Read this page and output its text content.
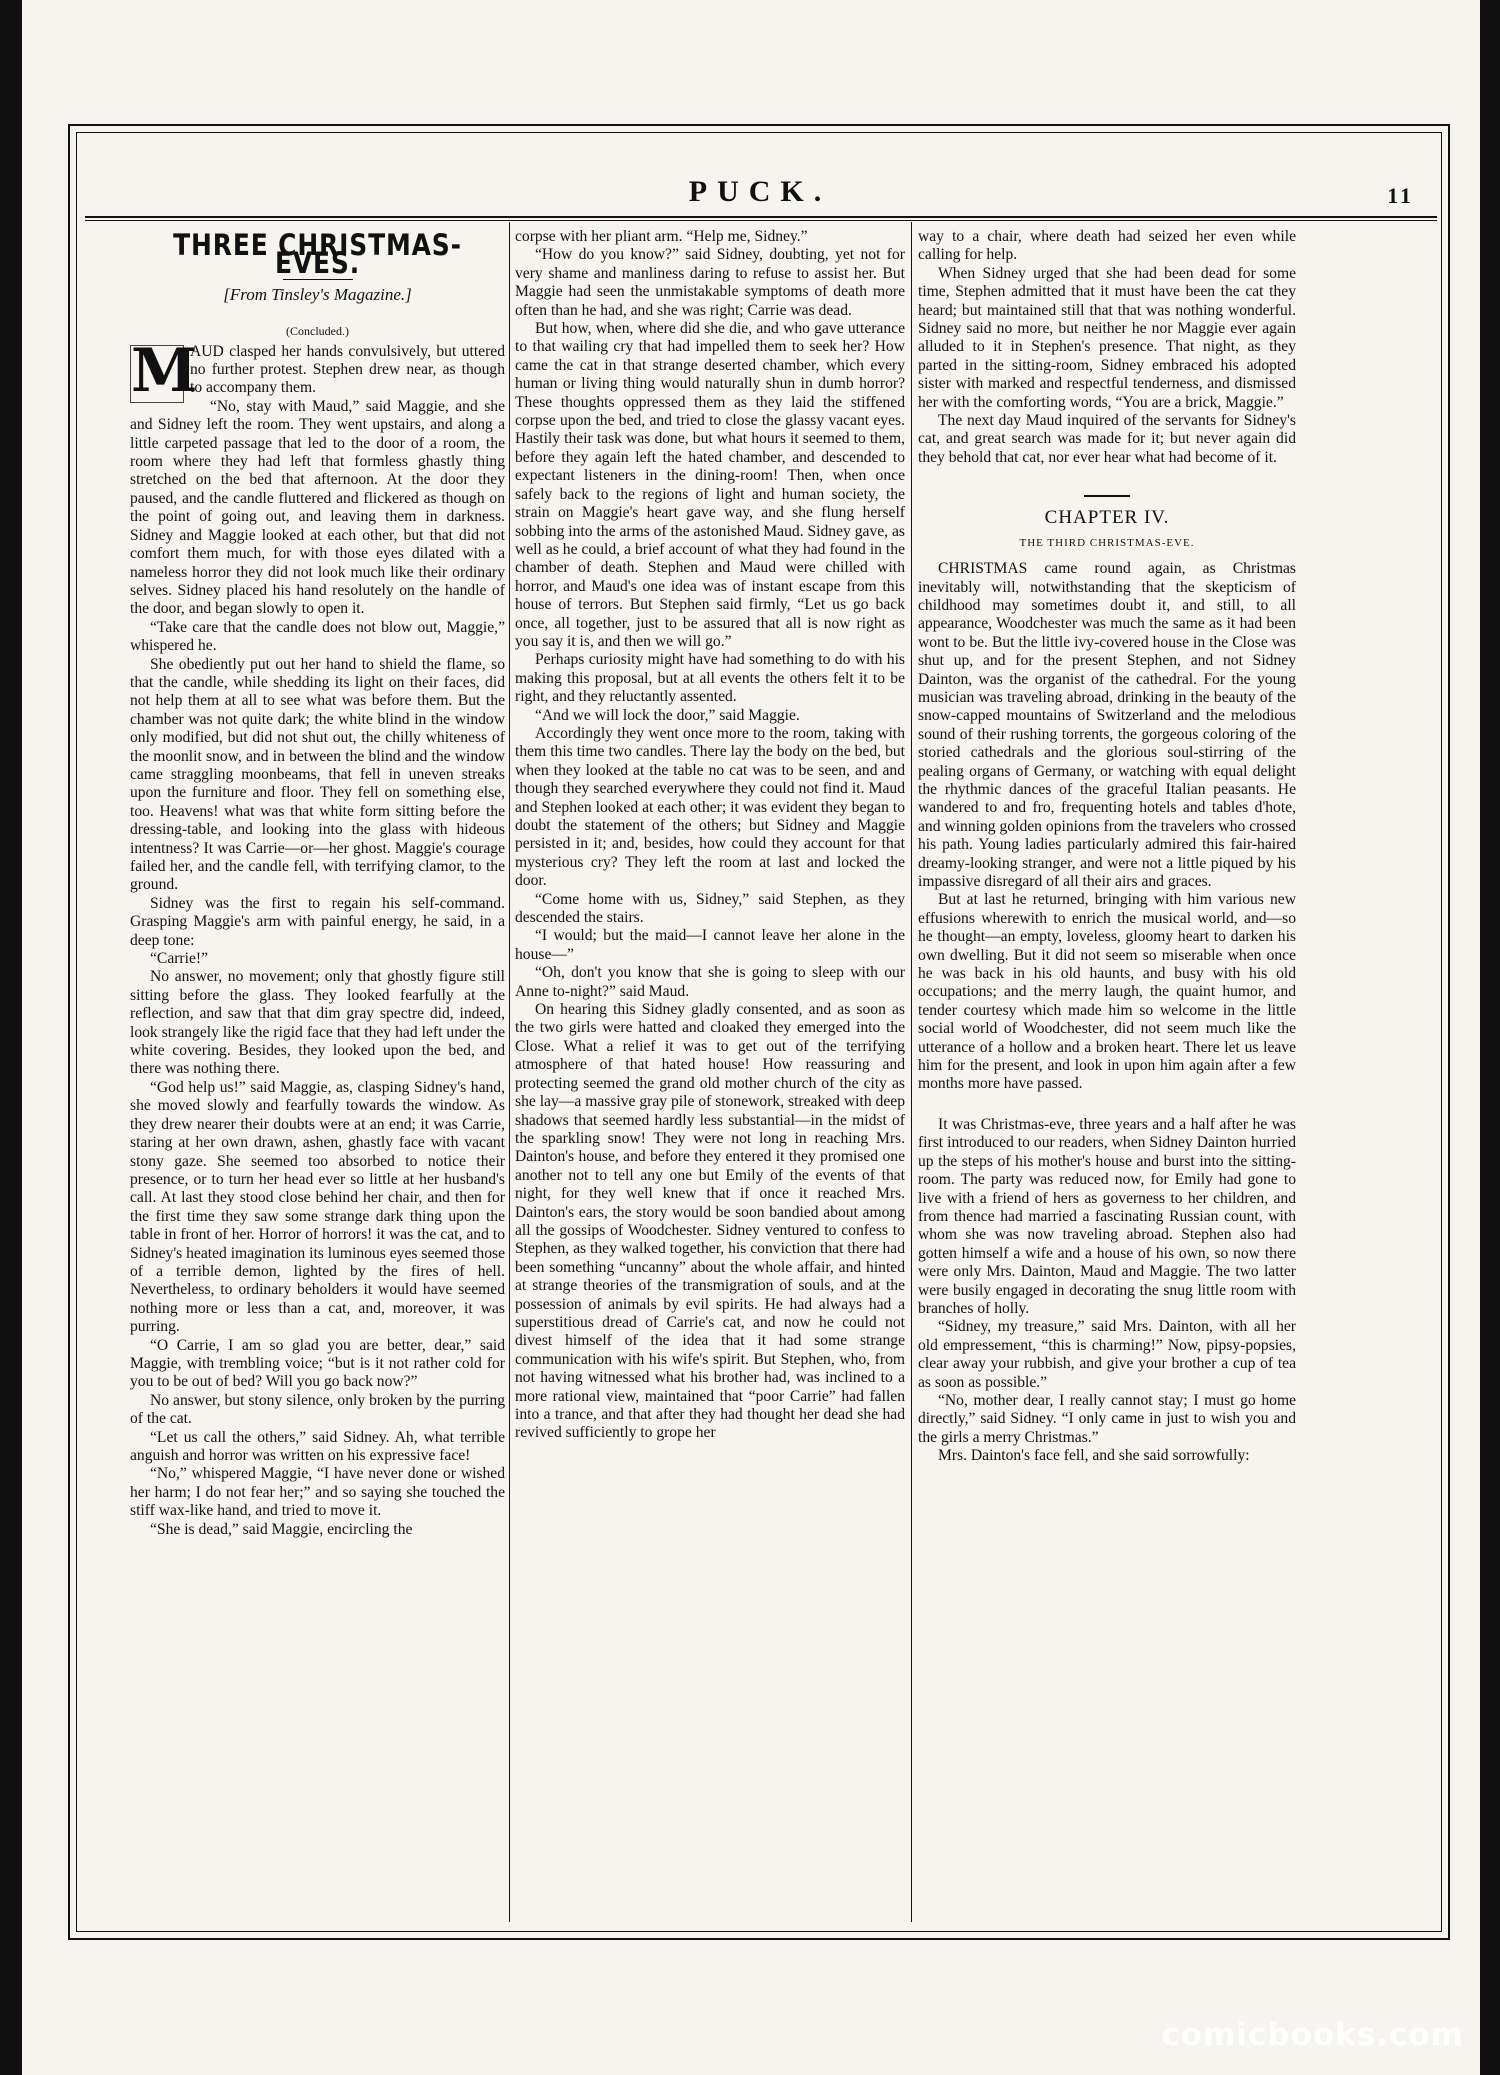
PUCK.	11
THREE CHRISTMAS-EVES.
[From Tinsley's Magazine.]
(Concluded.)
M
AUD clasped her hands convulsively, but uttered no further protest. Stephen drew near, as though to accompany them.

“No, stay with Maud,” said Maggie, and she and Sidney left the room. They went upstairs, and along a little carpeted passage that led to the door of a room, the room where they had left that formless ghastly thing stretched on the bed that afternoon. At the door they paused, and the candle fluttered and flickered as though on the point of going out, and leaving them in darkness. Sidney and Maggie looked at each other, but that did not comfort them much, for with those eyes dilated with a nameless horror they did not look much like their ordinary selves. Sidney placed his hand resolutely on the handle of the door, and began slowly to open it.

“Take care that the candle does not blow out, Maggie,” whispered he.

She obediently put out her hand to shield the flame, so that the candle, while shedding its light on their faces, did not help them at all to see what was before them. But the chamber was not quite dark; the white blind in the window only modified, but did not shut out, the chilly whiteness of the moonlit snow, and in between the blind and the window came straggling moonbeams, that fell in uneven streaks upon the furniture and floor. They fell on something else, too. Heavens! what was that white form sitting before the dressing-table, and looking into the glass with hideous intentness? It was Carrie—or—her ghost. Maggie's courage failed her, and the candle fell, with terrifying clamor, to the ground.

Sidney was the first to regain his self-command. Grasping Maggie's arm with painful energy, he said, in a deep tone:

“Carrie!”

No answer, no movement; only that ghostly figure still sitting before the glass. They looked fearfully at the reflection, and saw that that dim gray spectre did, indeed, look strangely like the rigid face that they had left under the white covering. Besides, they looked upon the bed, and there was nothing there.

“God help us!” said Maggie, as, clasping Sidney's hand, she moved slowly and fearfully towards the window. As they drew nearer their doubts were at an end; it was Carrie, staring at her own drawn, ashen, ghastly face with vacant stony gaze. She seemed too absorbed to notice their presence, or to turn her head ever so little at her husband's call. At last they stood close behind her chair, and then for the first time they saw some strange dark thing upon the table in front of her. Horror of horrors! it was the cat, and to Sidney's heated imagination its luminous eyes seemed those of a terrible demon, lighted by the fires of hell. Nevertheless, to ordinary beholders it would have seemed nothing more or less than a cat, and, moreover, it was purring.

“O Carrie, I am so glad you are better, dear,” said Maggie, with trembling voice; “but is it not rather cold for you to be out of bed? Will you go back now?”

No answer, but stony silence, only broken by the purring of the cat.

“Let us call the others,” said Sidney. Ah, what terrible anguish and horror was written on his expressive face!

“No,” whispered Maggie, “I have never done or wished her harm; I do not fear her;” and so saying she touched the stiff wax-like hand, and tried to move it.

“She is dead,” said Maggie, encircling the

corpse with her pliant arm. “Help me, Sidney.”

“How do you know?” said Sidney, doubting, yet not for very shame and manliness daring to refuse to assist her. But Maggie had seen the unmistakable symptoms of death more often than he had, and she was right; Carrie was dead.

But how, when, where did she die, and who gave utterance to that wailing cry that had impelled them to seek her? How came the cat in that strange deserted chamber, which every human or living thing would naturally shun in dumb horror? These thoughts oppressed them as they laid the stiffened corpse upon the bed, and tried to close the glassy vacant eyes. Hastily their task was done, but what hours it seemed to them, before they again left the hated chamber, and descended to expectant listeners in the dining-room! Then, when once safely back to the regions of light and human society, the strain on Maggie's heart gave way, and she flung herself sobbing into the arms of the astonished Maud. Sidney gave, as well as he could, a brief account of what they had found in the chamber of death. Stephen and Maud were chilled with horror, and Maud's one idea was of instant escape from this house of terrors. But Stephen said firmly, “Let us go back once, all together, just to be assured that all is now right as you say it is, and then we will go.”

Perhaps curiosity might have had something to do with his making this proposal, but at all events the others felt it to be right, and they reluctantly assented.

“And we will lock the door,” said Maggie.

Accordingly they went once more to the room, taking with them this time two candles. There lay the body on the bed, but when they looked at the table no cat was to be seen, and and though they searched everywhere they could not find it. Maud and Stephen looked at each other; it was evident they began to doubt the statement of the others; but Sidney and Maggie persisted in it; and, besides, how could they account for that mysterious cry? They left the room at last and locked the door.

“Come home with us, Sidney,” said Stephen, as they descended the stairs.

“I would; but the maid—I cannot leave her alone in the house—”

“Oh, don't you know that she is going to sleep with our Anne to-night?” said Maud.

On hearing this Sidney gladly consented, and as soon as the two girls were hatted and cloaked they emerged into the Close. What a relief it was to get out of the terrifying atmosphere of that hated house! How reassuring and protecting seemed the grand old mother church of the city as she lay—a massive gray pile of stonework, streaked with deep shadows that seemed hardly less substantial—in the midst of the sparkling snow! They were not long in reaching Mrs. Dainton's house, and before they entered it they promised one another not to tell any one but Emily of the events of that night, for they well knew that if once it reached Mrs. Dainton's ears, the story would be soon bandied about among all the gossips of Woodchester. Sidney ventured to confess to Stephen, as they walked together, his conviction that there had been something “uncanny” about the whole affair, and hinted at strange theories of the transmigration of souls, and at the possession of animals by evil spirits. He had always had a superstitious dread of Carrie's cat, and now he could not divest himself of the idea that it had some strange communication with his wife's spirit. But Stephen, who, from not having witnessed what his brother had, was inclined to a more rational view, maintained that “poor Carrie” had fallen into a trance, and that after they had thought her dead she had revived sufficiently to grope her

way to a chair, where death had seized her even while calling for help.

When Sidney urged that she had been dead for some time, Stephen admitted that it must have been the cat they heard; but maintained still that that was nothing wonderful. Sidney said no more, but neither he nor Maggie ever again alluded to it in Stephen's presence. That night, as they parted in the sitting-room, Sidney embraced his adopted sister with marked and respectful tenderness, and dismissed her with the comforting words, “You are a brick, Maggie.”

The next day Maud inquired of the servants for Sidney's cat, and great search was made for it; but never again did they behold that cat, nor ever hear what had become of it.

CHAPTER IV.
THE THIRD CHRISTMAS-EVE.

CHRISTMAS came round again, as Christmas inevitably will, notwithstanding that the skepticism of childhood may sometimes doubt it, and still, to all appearance, Woodchester was much the same as it had been wont to be. But the little ivy-covered house in the Close was shut up, and for the present Stephen, and not Sidney Dainton, was the organist of the cathedral. For the young musician was traveling abroad, drinking in the beauty of the snow-capped mountains of Switzerland and the melodious sound of their rushing torrents, the gorgeous coloring of the storied cathedrals and the glorious soul-stirring of the pealing organs of Germany, or watching with equal delight the rhythmic dances of the graceful Italian peasants. He wandered to and fro, frequenting hotels and tables d'hote, and winning golden opinions from the travelers who crossed his path. Young ladies particularly admired this fair-haired dreamy-looking stranger, and were not a little piqued by his impassive disregard of all their airs and graces.

But at last he returned, bringing with him various new effusions wherewith to enrich the musical world, and—so he thought—an empty, loveless, gloomy heart to darken his own dwelling. But it did not seem so miserable when once he was back in his old haunts, and busy with his old occupations; and the merry laugh, the quaint humor, and tender courtesy which made him so welcome in the little social world of Woodchester, did not seem much like the utterance of a hollow and a broken heart. There let us leave him for the present, and look in upon him again after a few months more have passed.

It was Christmas-eve, three years and a half after he was first introduced to our readers, when Sidney Dainton hurried up the steps of his mother's house and burst into the sitting-room. The party was reduced now, for Emily had gone to live with a friend of hers as governess to her children, and from thence had married a fascinating Russian count, with whom she was now traveling abroad. Stephen also had gotten himself a wife and a house of his own, so now there were only Mrs. Dainton, Maud and Maggie. The two latter were busily engaged in decorating the snug little room with branches of holly.

“Sidney, my treasure,” said Mrs. Dainton, with all her old empressement, “this is charming!” Now, pipsy-popsies, clear away your rubbish, and give your brother a cup of tea as soon as possible.”

“No, mother dear, I really cannot stay; I must go home directly,” said Sidney. “I only came in just to wish you and the girls a merry Christmas.”

Mrs. Dainton's face fell, and she said sorrowfully:

comicbooks.com
